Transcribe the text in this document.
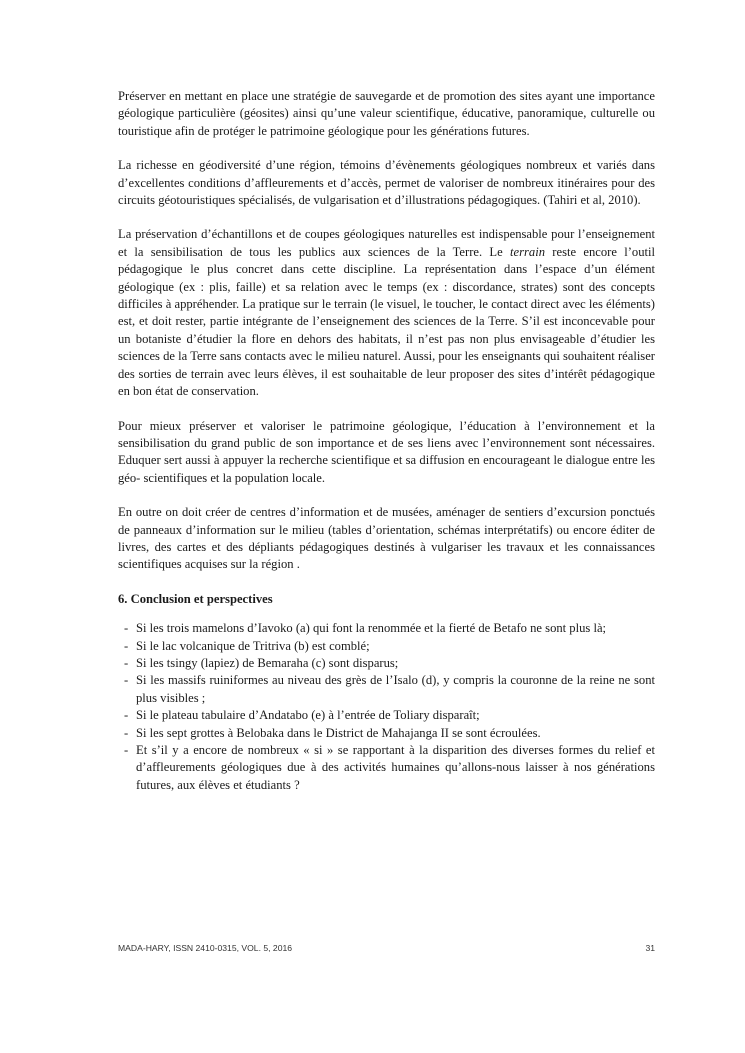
Préserver en mettant en place une stratégie de sauvegarde et de promotion des sites ayant une importance géologique particulière (géosites) ainsi qu’une valeur scientifique, éducative, panoramique, culturelle ou touristique afin de protéger le patrimoine géologique pour les générations futures.

La richesse en géodiversité d’une région, témoins d’évènements géologiques nombreux et variés dans d’excellentes conditions d’affleurements et d’accès, permet de valoriser de nombreux itinéraires pour des circuits géotouristiques spécialisés, de vulgarisation et d’illustrations pédagogiques. (Tahiri et al, 2010).

La préservation d’échantillons et de coupes géologiques naturelles est indispensable pour l’enseignement et la sensibilisation de tous les publics aux sciences de la Terre. Le terrain reste encore l’outil pédagogique le plus concret dans cette discipline. La représentation dans l’espace d’un élément géologique (ex : plis, faille) et sa relation avec le temps (ex : discordance, strates) sont des concepts difficiles à appréhender. La pratique sur le terrain (le visuel, le toucher, le contact direct avec les éléments) est, et doit rester, partie intégrante de l’enseignement des sciences de la Terre. S’il est inconcevable pour un botaniste d’étudier la flore en dehors des habitats, il n’est pas non plus envisageable d’étudier les sciences de la Terre sans contacts avec le milieu naturel. Aussi, pour les enseignants qui souhaitent réaliser des sorties de terrain avec leurs élèves, il est souhaitable de leur proposer des sites d’intérêt pédagogique en bon état de conservation.

Pour mieux préserver et valoriser le patrimoine géologique, l’éducation à l’environnement et la sensibilisation du grand public de son importance et de ses liens avec l’environnement sont nécessaires. Eduquer sert aussi à appuyer la recherche scientifique et sa diffusion en encourageant le dialogue entre les géo- scientifiques et la population locale.

En outre on doit créer de centres d’information et de musées, aménager de sentiers d’excursion ponctués de panneaux d’information sur le milieu (tables d’orientation, schémas interprétatifs) ou encore éditer de livres, des cartes et des dépliants pédagogiques destinés à vulgariser les travaux et les connaissances scientifiques acquises sur la région .

6. Conclusion et perspectives
- Si les trois mamelons d’Iavoko (a) qui font la renommée et la fierté de Betafo ne sont plus là;
- Si le lac volcanique de Tritriva (b) est comblé;
- Si les tsingy (lapiez) de Bemaraha (c) sont disparus;
- Si les massifs ruiniformes au niveau des grès de l’Isalo (d), y compris la couronne de la reine ne sont plus visibles ;
- Si le plateau tabulaire d’Andatabo (e) à l’entrée de Toliary disparaît;
- Si les sept grottes à Belobaka dans le District de Mahajanga II se sont écroulées.
- Et s’il y a encore de nombreux « si » se rapportant à la disparition des diverses formes du relief et d’affleurements géologiques due à des activités humaines qu’allons-nous laisser à nos générations futures, aux élèves et étudiants ?
MADA-HARY, ISSN 2410-0315, VOL. 5, 2016	31
